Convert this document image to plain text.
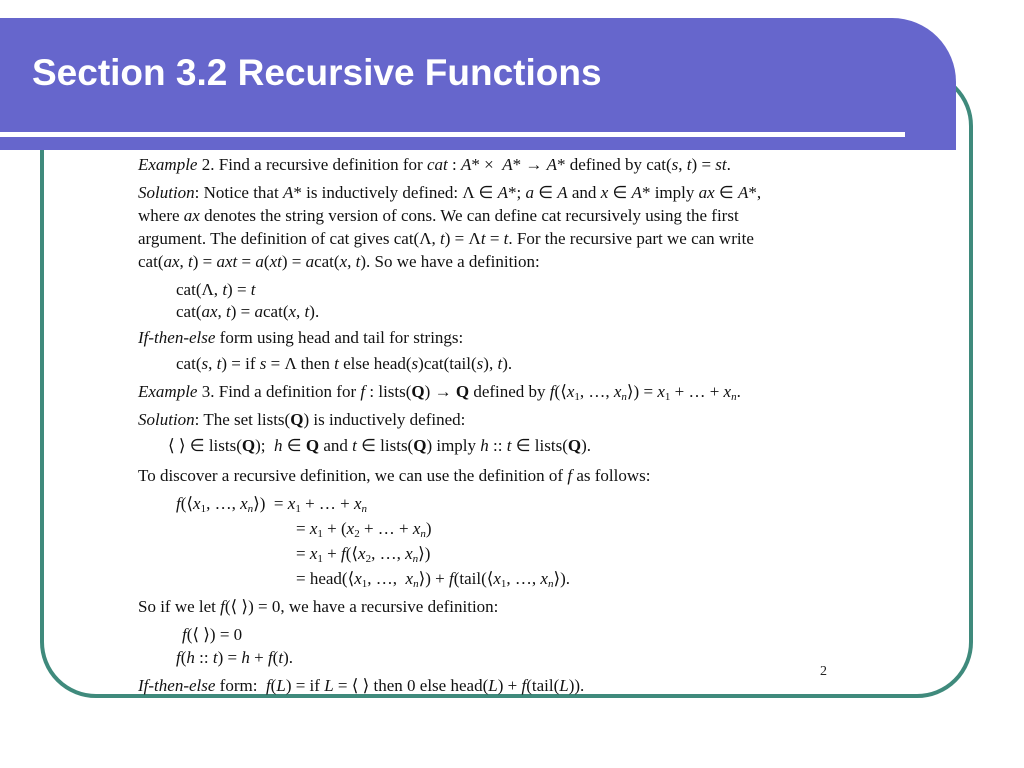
Section 3.2 Recursive Functions
Example 2. Find a recursive definition for cat : A* ×  A* → A* defined by cat(s, t) = st.
Solution: Notice that A* is inductively defined: Λ ∈ A*; a ∈ A and x ∈ A* imply ax ∈ A*,
where ax denotes the string version of cons. We can define cat recursively using the first
argument. The definition of cat gives cat(Λ, t) = Λt = t. For the recursive part we can write
cat(ax, t) = axt = a(xt) = acat(x, t). So we have a definition:
cat(Λ, t) = t
cat(ax, t) = acat(x, t).
If-then-else form using head and tail for strings:
cat(s, t) = if s = Λ then t else head(s)cat(tail(s), t).
Example 3. Find a definition for f : lists(Q) → Q defined by $f(⟨x_1$, …, $x_n⟩) = x_1$ + … + $x_n$.
Solution: The set lists(Q) is inductively defined:
⟨ ⟩ ∈ lists(Q);  h ∈ Q and t ∈ lists(Q) imply h :: t ∈ lists(Q).
To discover a recursive definition, we can use the definition of f as follows:
$f(⟨x_1$, …, $x_n⟩) = x_1$ + … + $x_n$
= $x_1 + (x_2$ + … + $x_n$)
= $x_1$ + $f(⟨x_2$, …, $x_n⟩$)
= $head(⟨x_1$, …,  $x_n⟩$) + $f(tail(⟨x_1$, …, $x_n⟩$).
So if we let f(⟨ ⟩) = 0, we have a recursive definition:
f(⟨ ⟩) = 0
f(h :: t) = h + f(t).
If-then-else form:  f(L) = if L = ⟨ ⟩ then 0 else head(L) + f(tail(L)).
2
